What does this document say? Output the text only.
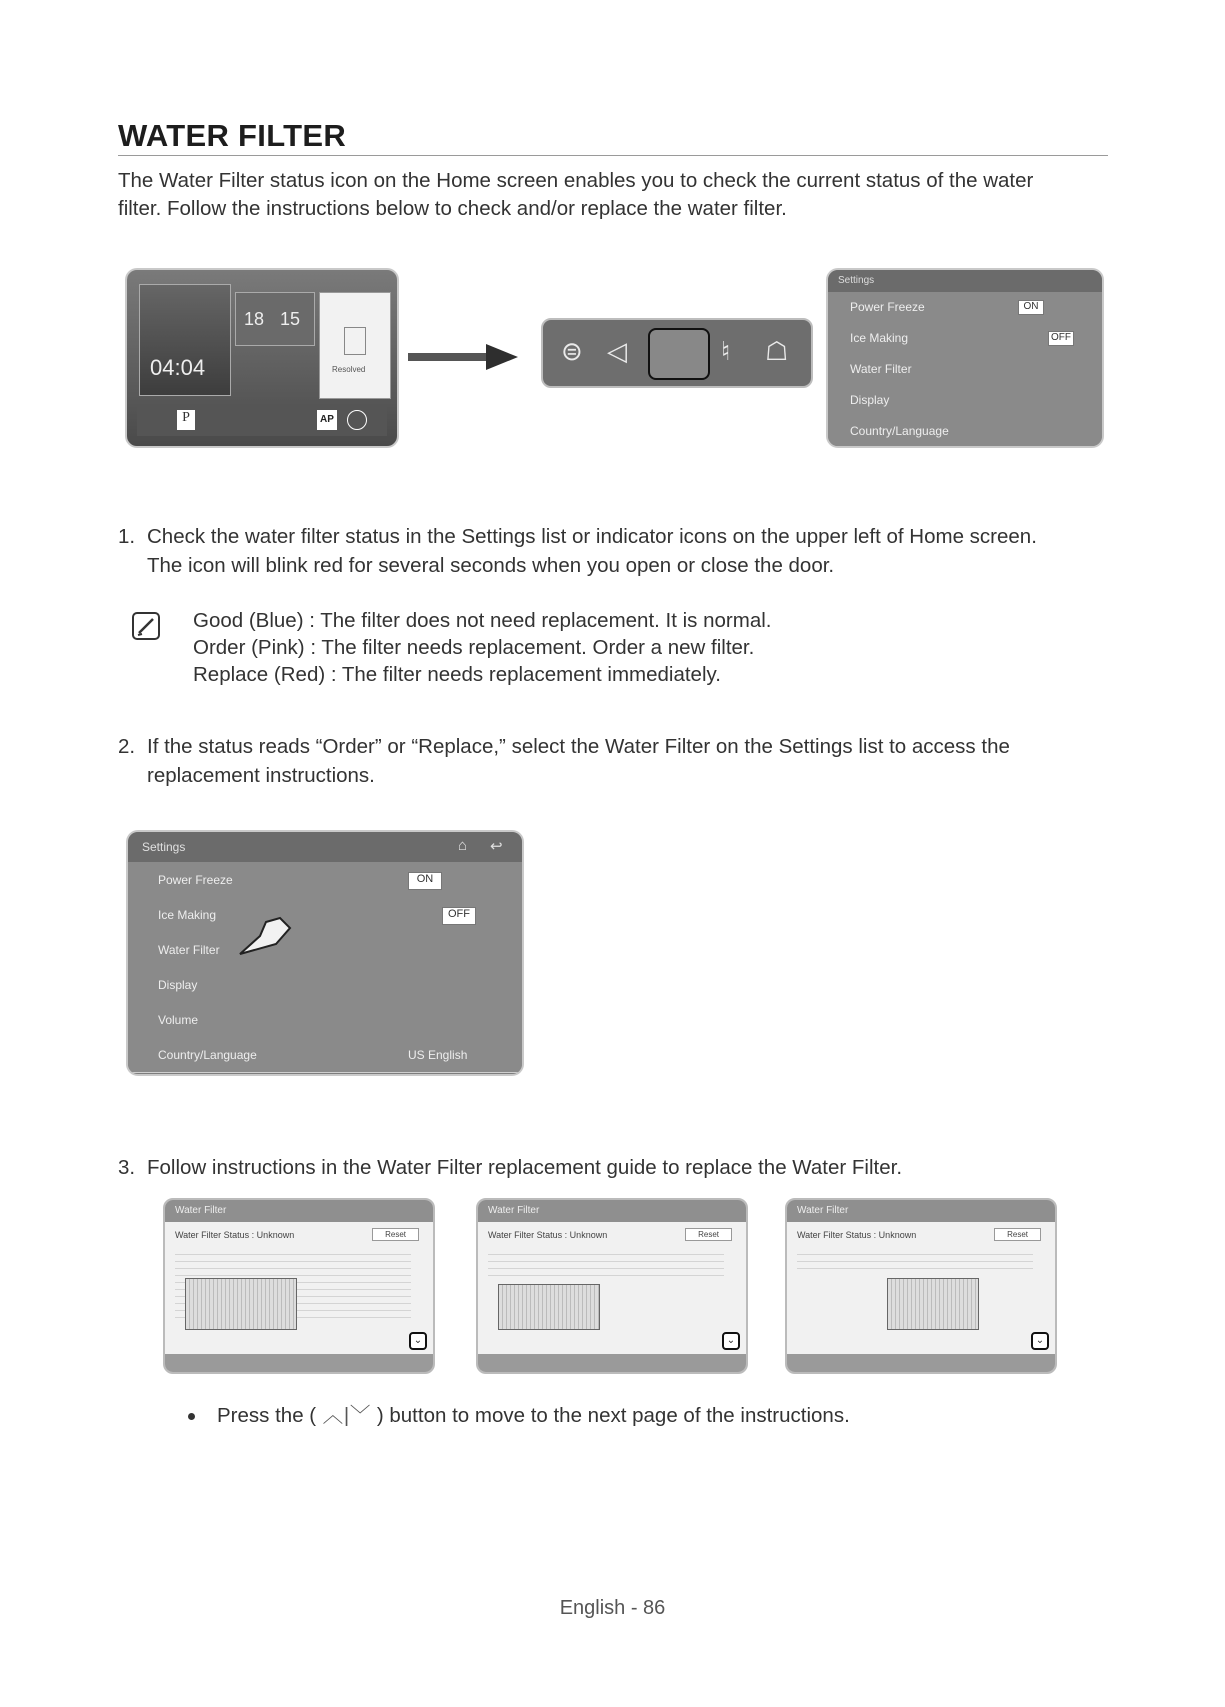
WATER FILTER
The Water Filter status icon on the Home screen enables you to check the current status of the water
filter. Follow the instructions below to check and/or replace the water filter.
04:04
18 15
Resolved
P	AP
⊜ ◁	♮ ☖
Settings
Power Freeze	ON
Ice Making	OFF
Water Filter
Display
Country/Language
1. Check the water filter status in the Settings list or indicator icons on the upper left of Home screen.
The icon will blink red for several seconds when you open or close the door.
Good (Blue) : The filter does not need replacement. It is normal.
Order (Pink) : The filter needs replacement. Order a new filter.
Replace (Red) : The filter needs replacement immediately.
2. If the status reads “Order” or “Replace,” select the Water Filter on the Settings list to access the
replacement instructions.
Settings	⌂ ↩
Power Freeze	ON
Ice Making	OFF
Water Filter
Display
Volume
Country/Language	US English
3. Follow instructions in the Water Filter replacement guide to replace the Water Filter.
Water Filter
Water Filter Status : Unknown	Reset
⌄
Water Filter
Water Filter Status : Unknown	Reset
⌄
Water Filter
Water Filter Status : Unknown	Reset
⌄
Press the ( ︿|﹀ ) button to move to the next page of the instructions.
English - 86
